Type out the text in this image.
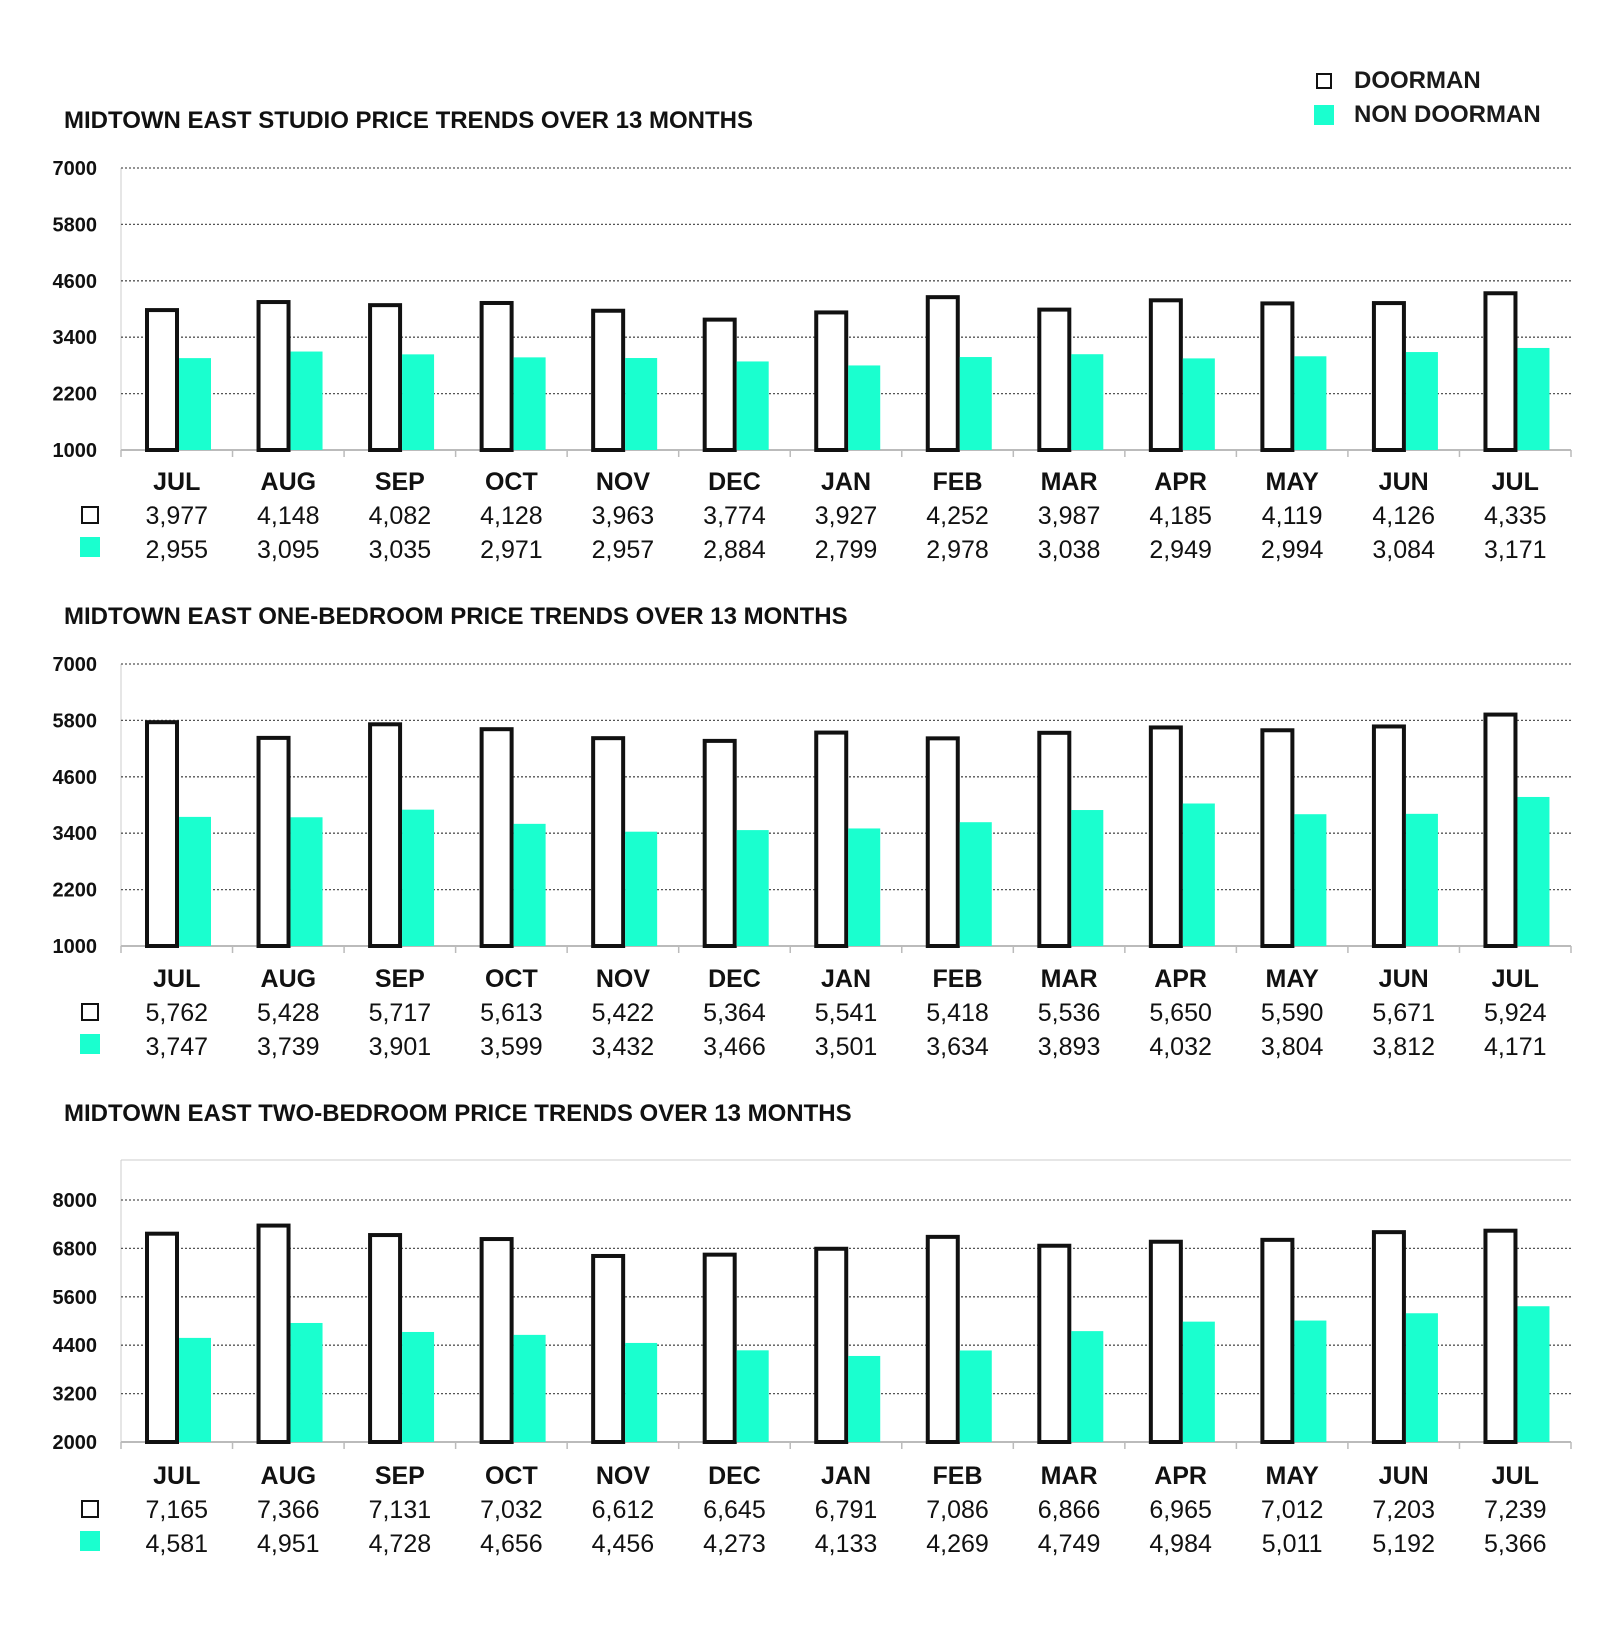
DOORMAN
NON DOORMAN
MIDTOWN EAST STUDIO PRICE TRENDS OVER 13 MONTHS
7000
5800
4600
3400
2200
1000
JUL
3,977
2,955
AUG
4,148
3,095
SEP
4,082
3,035
OCT
4,128
2,971
NOV
3,963
2,957
DEC
3,774
2,884
JAN
3,927
2,799
FEB
4,252
2,978
MAR
3,987
3,038
APR
4,185
2,949
MAY
4,119
2,994
JUN
4,126
3,084
JUL
4,335
3,171
MIDTOWN EAST ONE-BEDROOM PRICE TRENDS OVER 13 MONTHS
7000
5800
4600
3400
2200
1000
JUL
5,762
3,747
AUG
5,428
3,739
SEP
5,717
3,901
OCT
5,613
3,599
NOV
5,422
3,432
DEC
5,364
3,466
JAN
5,541
3,501
FEB
5,418
3,634
MAR
5,536
3,893
APR
5,650
4,032
MAY
5,590
3,804
JUN
5,671
3,812
JUL
5,924
4,171
MIDTOWN EAST TWO-BEDROOM PRICE TRENDS OVER 13 MONTHS
8000
6800
5600
4400
3200
2000
JUL
7,165
4,581
AUG
7,366
4,951
SEP
7,131
4,728
OCT
7,032
4,656
NOV
6,612
4,456
DEC
6,645
4,273
JAN
6,791
4,133
FEB
7,086
4,269
MAR
6,866
4,749
APR
6,965
4,984
MAY
7,012
5,011
JUN
7,203
5,192
JUL
7,239
5,366
